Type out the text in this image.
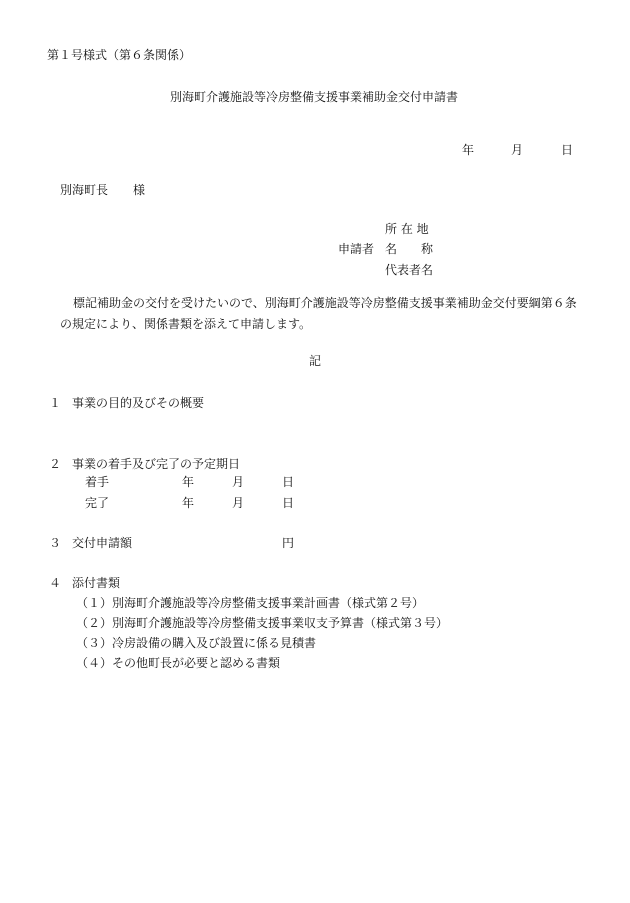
第１号様式（第６条関係）
別海町介護施設等冷房整備支援事業補助金交付申請書
年	月	日
別海町長 様
所 在 地
申請者 名　　称
代表者名
標記補助金の交付を受けたいので、別海町介護施設等冷房整備支援事業補助金交付要綱第６条
の規定により、関係書類を添えて申請します。
記
１ 事業の目的及びその概要
２ 事業の着手及び完了の予定期日
着手	年	月	日
完了	年	月	日
３ 交付申請額	円
４ 添付書類
（１）別海町介護施設等冷房整備支援事業計画書（様式第２号）
（２）別海町介護施設等冷房整備支援事業収支予算書（様式第３号）
（３）冷房設備の購入及び設置に係る見積書
（４）その他町長が必要と認める書類
